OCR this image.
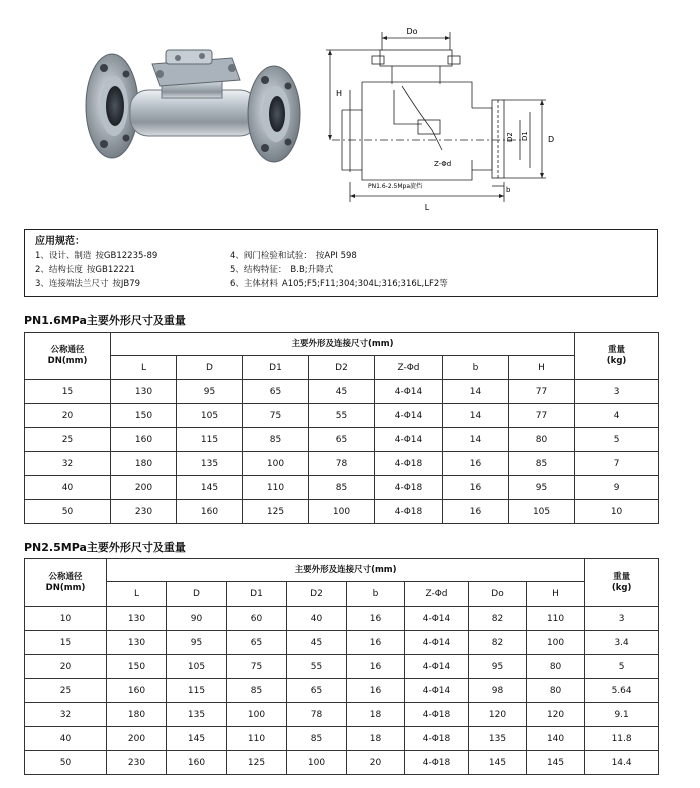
Do
H
D2 D1 D
Z-Φd
b
L
PN1.6-2.5Mpa旋挡
应用规范：
1、设计、制造 按GB12235-89
2、结构长度 按GB12221
3、连接端法兰尺寸 按JB79
4、阀门检验和试验： 按API 598
5、结构特征： B.B;升降式
6、主体材料 A105;F5;F11;304;304L;316;316L,LF2等
PN1.6MPa主要外形尺寸及重量
公称通径
DN(mm)	主要外形及连接尺寸(mm)							重量
(kg)
	L	D	D1	D2	Z-Φd	b	H	
15	130	95	65	45	4-Φ14	14	77	3
20	150	105	75	55	4-Φ14	14	77	4
25	160	115	85	65	4-Φ14	14	80	5
32	180	135	100	78	4-Φ18	16	85	7
40	200	145	110	85	4-Φ18	16	95	9
50	230	160	125	100	4-Φ18	16	105	10
PN2.5MPa主要外形尺寸及重量
公称通径
DN(mm)	主要外形及连接尺寸(mm)								重量
(kg)
	L	D	D1	D2	b	Z-Φd	Do	H	
10	130	90	60	40	16	4-Φ14	82	110	3
15	130	95	65	45	16	4-Φ14	82	100	3.4
20	150	105	75	55	16	4-Φ14	95	80	5
25	160	115	85	65	16	4-Φ14	98	80	5.64
32	180	135	100	78	18	4-Φ18	120	120	9.1
40	200	145	110	85	18	4-Φ18	135	140	11.8
50	230	160	125	100	20	4-Φ18	145	145	14.4
